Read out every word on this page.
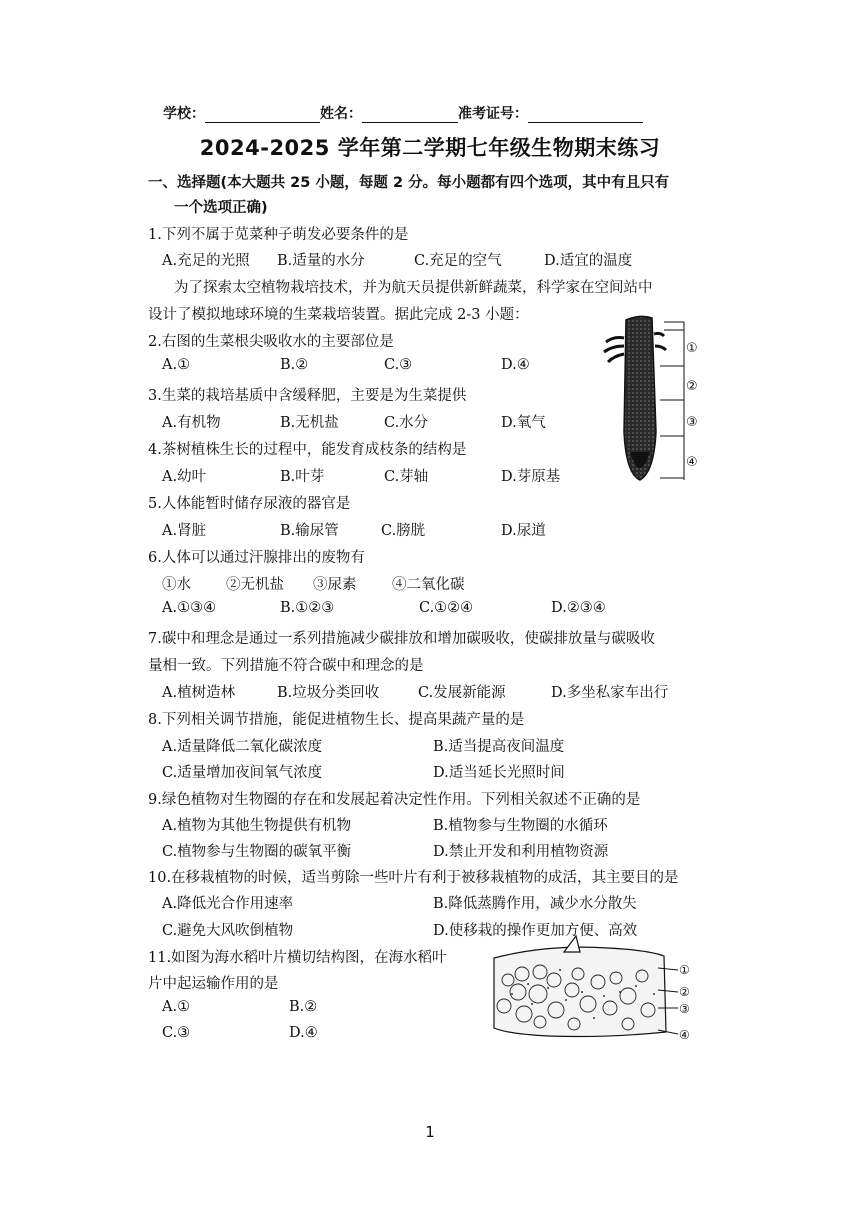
学校：	姓名：	准考证号：
2024-2025 学年第二学期七年级生物期末练习
一、选择题(本大题共 25 小题，每题 2 分。每小题都有四个选项，其中有且只有
一个选项正确)
1.下列不属于苋菜种子萌发必要条件的是
A.充足的光照 B.适量的水分	C.充足的空气	D.适宜的温度
为了探索太空植物栽培技术，并为航天员提供新鲜蔬菜，科学家在空间站中
设计了模拟地球环境的生菜栽培装置。据此完成 2-3 小题：
2.右图的生菜根尖吸收水的主要部位是
A.①	B.②	C.③	D.④
3.生菜的栽培基质中含缓释肥，主要是为生菜提供
A.有机物	B.无机盐	C.水分	D.氧气
4.茶树植株生长的过程中，能发育成枝条的结构是
A.幼叶	B.叶芽	C.芽轴	D.芽原基
①
②
③
④
5.人体能暂时储存尿液的器官是
A.肾脏	B.输尿管	C.膀胱	D.尿道
6.人体可以通过汗腺排出的废物有
①水 ②无机盐 ③尿素 ④二氧化碳
A.①③④	B.①②③	C.①②④	D.②③④
7.碳中和理念是通过一系列措施减少碳排放和增加碳吸收，使碳排放量与碳吸收
量相一致。下列措施不符合碳中和理念的是
A.植树造林	B.垃圾分类回收	C.发展新能源	D.多坐私家车出行
8.下列相关调节措施，能促进植物生长、提高果蔬产量的是
A.适量降低二氧化碳浓度	B.适当提高夜间温度
C.适量增加夜间氧气浓度	D.适当延长光照时间
9.绿色植物对生物圈的存在和发展起着决定性作用。下列相关叙述不正确的是
A.植物为其他生物提供有机物	B.植物参与生物圈的水循环
C.植物参与生物圈的碳氧平衡	D.禁止开发和利用植物资源
10.在移栽植物的时候，适当剪除一些叶片有利于被移栽植物的成活，其主要目的是
A.降低光合作用速率	B.降低蒸腾作用，减少水分散失
C.避免大风吹倒植物	D.使移栽的操作更加方便、高效
11.如图为海水稻叶片横切结构图，在海水稻叶
片中起运输作用的是
A.①	B.②
C.③	D.④
①
②
③
④
1
